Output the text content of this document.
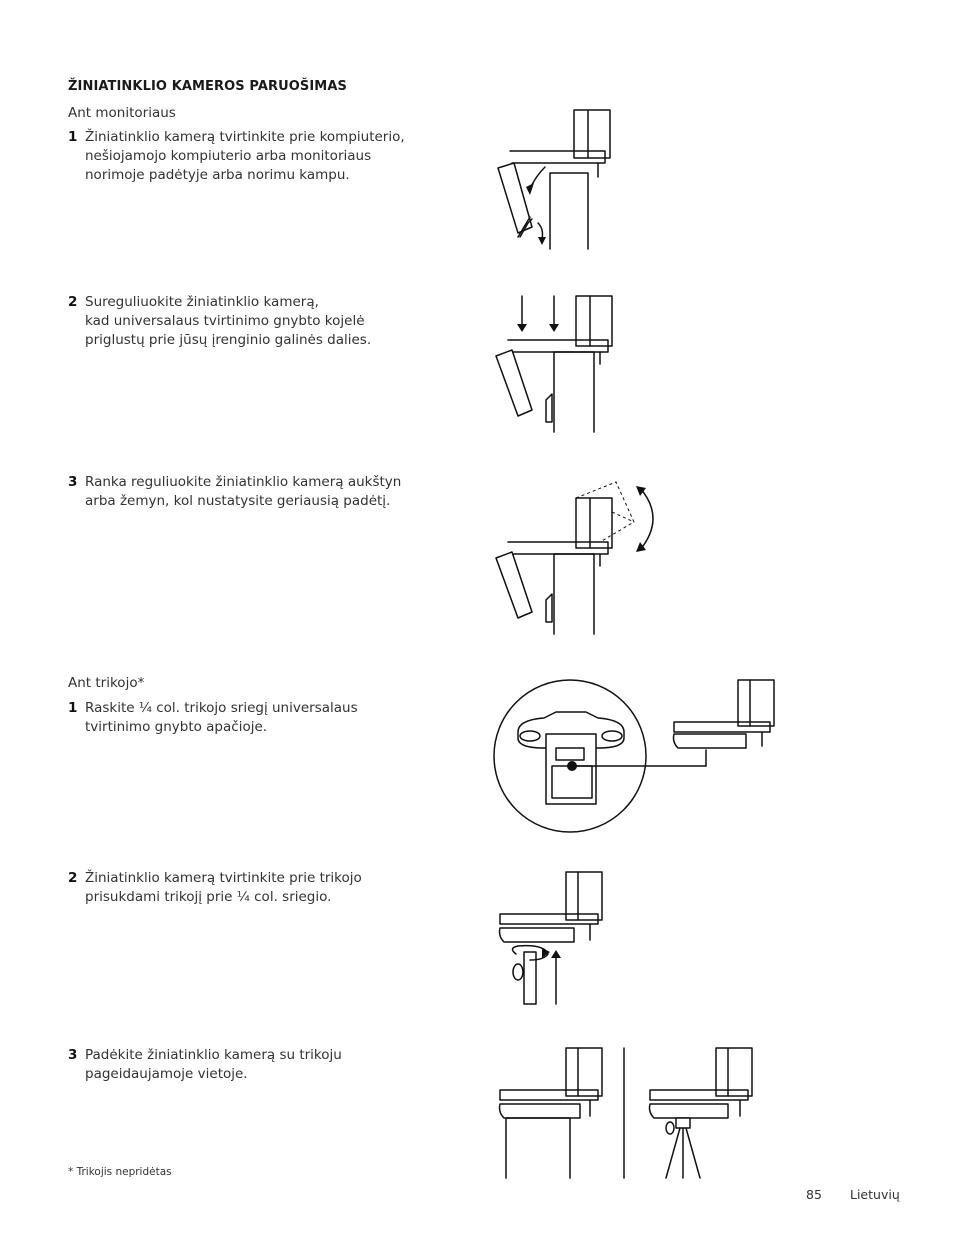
ŽINIATINKLIO KAMEROS PARUOŠIMAS
Ant monitoriaus
1 Žiniatinklio kamerą tvirtinkite prie kompiuterio,
nešiojamojo kompiuterio arba monitoriaus
norimoje padėtyje arba norimu kampu.
2 Sureguliuokite žiniatinklio kamerą,
kad universalaus tvirtinimo gnybto kojelė
priglustų prie jūsų įrenginio galinės dalies.
3 Ranka reguliuokite žiniatinklio kamerą aukštyn
arba žemyn, kol nustatysite geriausią padėtį.
Ant trikojo*
1 Raskite ¼ col. trikojo sriegį universalaus
tvirtinimo gnybto apačioje.
2 Žiniatinklio kamerą tvirtinkite prie trikojo
prisukdami trikojį prie ¼ col. sriegio.
3 Padėkite žiniatinklio kamerą su trikoju
pageidaujamoje vietoje.
* Trikojis nepridėtas
85 Lietuvių
